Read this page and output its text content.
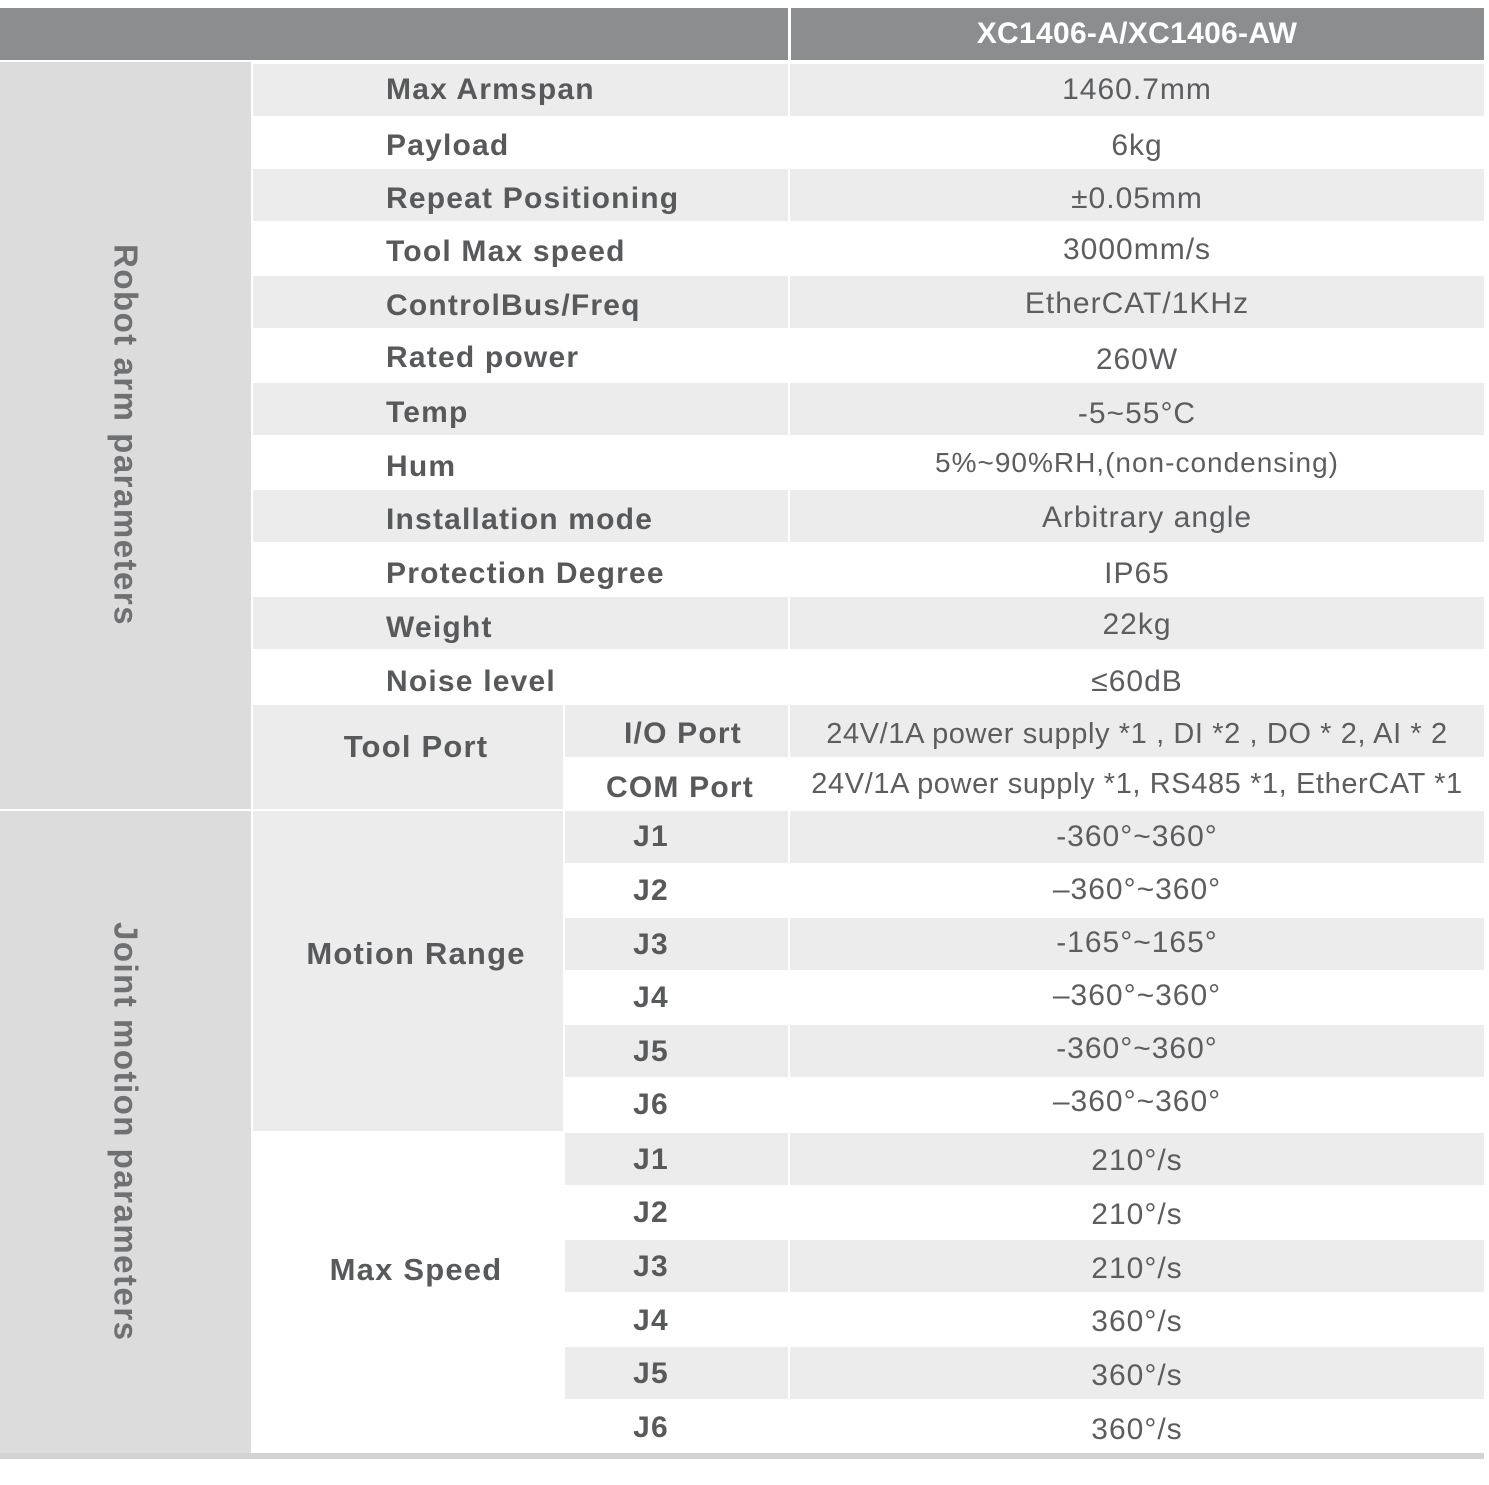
XC1406-A/XC1406-AW
Robot arm parameters
Joint motion parameters
Max Armspan	1460.7mm
Payload	6kg
Repeat Positioning	±0.05mm
Tool Max speed	3000mm/s
ControlBus/Freq	EtherCAT/1KHz
Rated power	260W
Temp	-5~55°C
Hum	5%~90%RH,(non-condensing)
Installation mode	Arbitrary angle
Protection Degree	IP65
Weight	22kg
Noise level	≤60dB
Tool Port	I/O Port	24V/1A power supply *1 , DI *2 , DO * 2, AI * 2
COM Port	24V/1A power supply *1, RS485 *1, EtherCAT *1
Motion Range
J1	-360°~360°
J2	–360°~360°
J3	-165°~165°
J4	–360°~360°
J5	-360°~360°
J6	–360°~360°
Max Speed
J1	210°/s
J2	210°/s
J3	210°/s
J4	360°/s
J5	360°/s
J6	360°/s
